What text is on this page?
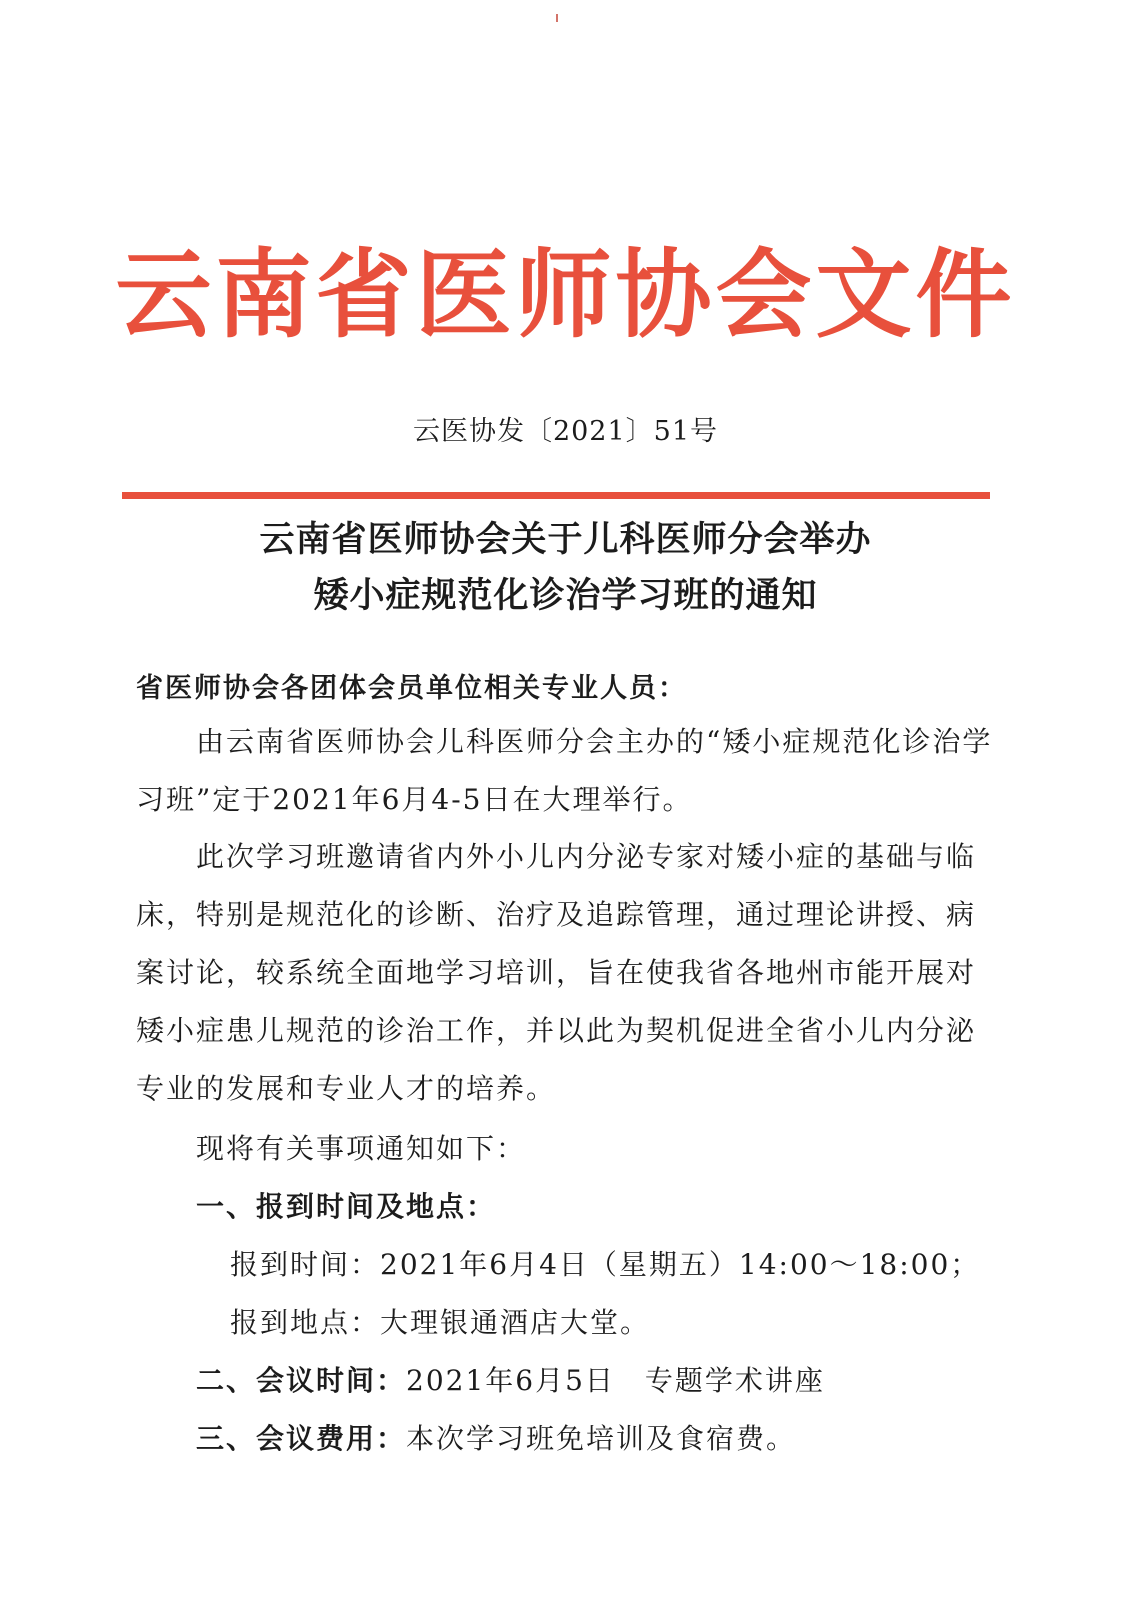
云南省医师协会文件
云医协发〔2021〕51号
云南省医师协会关于儿科医师分会举办
矮小症规范化诊治学习班的通知
省医师协会各团体会员单位相关专业人员：
由云南省医师协会儿科医师分会主办的“矮小症规范化诊治学习班”定于2021年6月4-5日在大理举行。
此次学习班邀请省内外小儿内分泌专家对矮小症的基础与临床，特别是规范化的诊断、治疗及追踪管理，通过理论讲授、病案讨论，较系统全面地学习培训，旨在使我省各地州市能开展对矮小症患儿规范的诊治工作，并以此为契机促进全省小儿内分泌专业的发展和专业人才的培养。
现将有关事项通知如下：
一、报到时间及地点：
报到时间：2021年6月4日（星期五）14:00～18:00；
报到地点：大理银通酒店大堂。
二、会议时间：2021年6月5日　专题学术讲座
三、会议费用：本次学习班免培训及食宿费。
